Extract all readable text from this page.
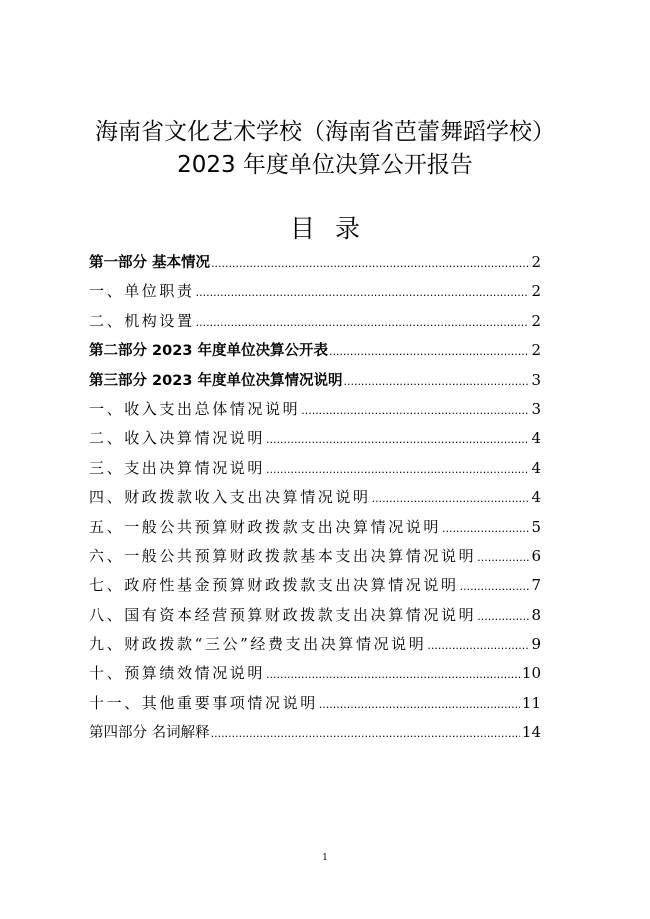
海南省文化艺术学校（海南省芭蕾舞蹈学校）
2023 年度单位决算公开报告
目录
第一部分 基本情况 .....	2
一、单位职责 .....	2
二、机构设置 .....	2
第二部分 2023 年度单位决算公开表 .....	2
第三部分 2023 年度单位决算情况说明 .....	3
一、收入支出总体情况说明 .....	3
二、收入决算情况说明 .....	4
三、支出决算情况说明 .....	4
四、财政拨款收入支出决算情况说明 .....	4
五、一般公共预算财政拨款支出决算情况说明 .....	5
六、一般公共预算财政拨款基本支出决算情况说明 .....	6
七、政府性基金预算财政拨款支出决算情况说明 .....	7
八、国有资本经营预算财政拨款支出决算情况说明 .....	8
九、财政拨款“三公”经费支出决算情况说明 .....	9
十、预算绩效情况说明 .....	10
十一、其他重要事项情况说明 .....	11
第四部分 名词解释 .....	14
1
